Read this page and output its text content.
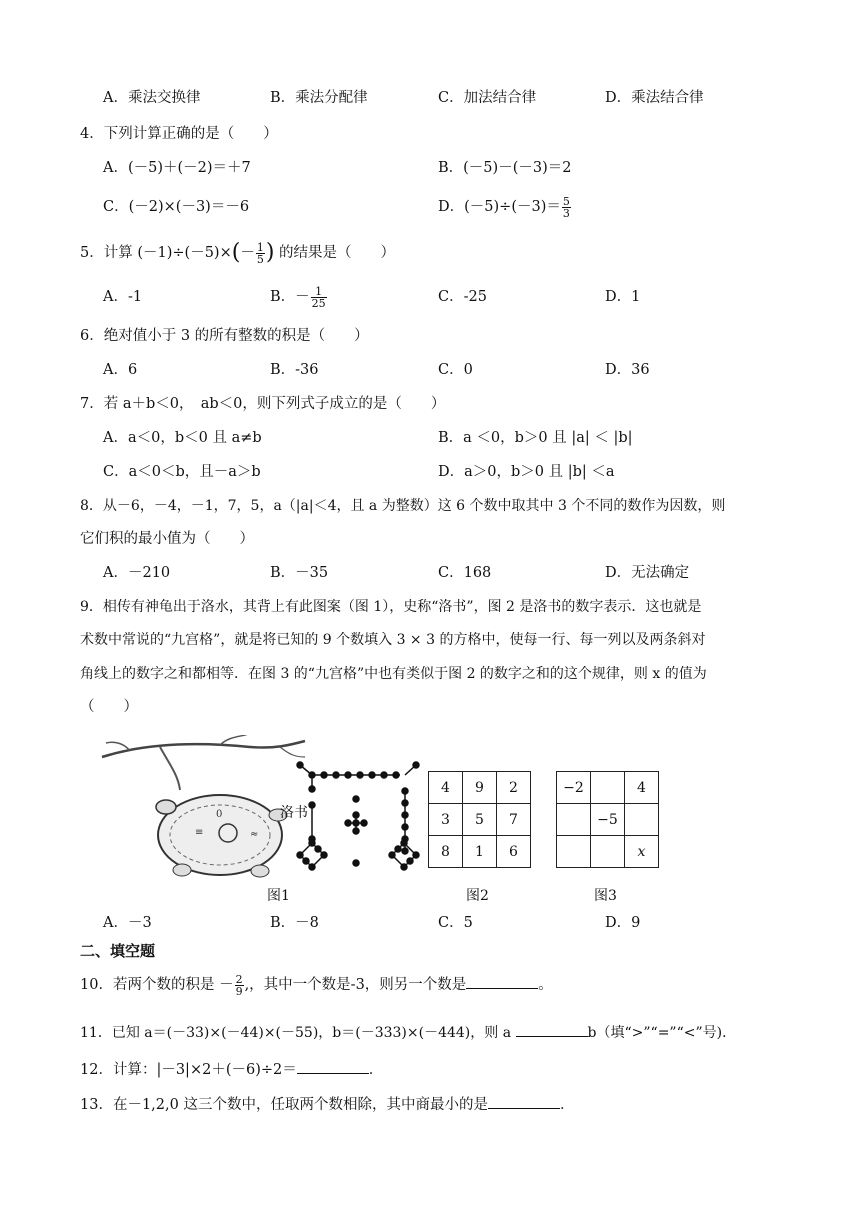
A．乘法交换律	B．乘法分配律	C．加法结合律	D．乘法结合律
4．下列计算正确的是（　　）
A．(－5)＋(－2)＝＋7	B．(－5)－(－3)＝2
C．(－2)×(－3)＝－6	D．$(-5)\div(-3)= \frac{5}{3}$
5．计算 $(-1)\div(-5)\times(- \frac{1}{5}$ ) 的结果是（　　）
A．-1	B．－ $\frac{1}{25}$	C．-25	D．1
6．绝对值小于 3 的所有整数的积是（　　）
A．6	B．-36	C．0	D．36
7．若 a＋b＜0，　ab＜0，则下列式子成立的是（　　）
A．a＜0，b＜0 且 a≠b	B．a ＜0，b＞0 且 |a| ＜ |b|
C．a＜0＜b，且－a＞b	D．a＞0，b＞0 且 |b| ＜a
8．从－6，－4，－1，7，5，a（|a|＜4，且 a 为整数）这 6 个数中取其中 3 个不同的数作为因数，则
它们积的最小值为（　　）
A．－210	B．－35	C．168	D．无法确定
9．相传有神龟出于洛水，其背上有此图案（图 1），史称“洛书”，图 2 是洛书的数字表示．这也就是
术数中常说的“九宫格”，就是将已知的 9 个数填入 3 × 3 的方格中，使每一行、每一列以及两条斜对
角线上的数字之和都相等．在图 3 的“九宫格”中也有类似于图 2 的数字之和的这个规律，则 x 的值为
（　　）
0
≡	≈
洛书
图1
4	9	2
3	5	7
8	1	6
图2
−2		4
	−5	
		x
图3
A．－3	B．－8	C．5	D．9
二、填空题
10．若两个数的积是 － $\frac{2}{9}$ ,，其中一个数是-3，则另一个数是	。
11．已知 a＝(－33)×(－44)×(－55)，b＝(－333)×(－444)，则 a	b（填“>”“=”“<”号)．
12．计算：|－3|×2＋(－6)÷2＝	．
13．在－1,2,0 这三个数中，任取两个数相除，其中商最小的是	．
